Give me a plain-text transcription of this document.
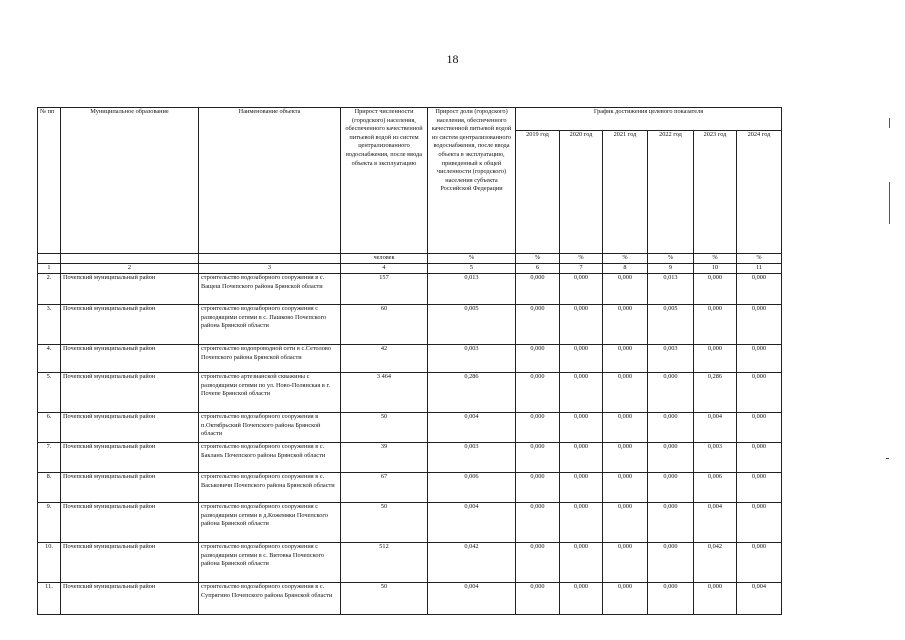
18
№ пп	Муниципальное образование	Наименование объекта	Прирост численности (городского) населения, обеспеченного качественной питьевой водой из систем централизованного водоснабжения, после ввода объекта в эксплуатацию	Прирост доли (городского) населения, обеспеченного качественной питьевой водой из систем централизованного водоснабжения, после ввода объекта в эксплуатацию, приведенный к общей численности (городского) населения субъекта Российской Федерации	График достижения целевого показателя					
					2019 год	2020 год	2021 год	2022 год	2023 год	2024 год
			человек	%	%	%	%	%	%	%
1	2	3	4	5	6	7	8	9	10	11
2.	Почепский муниципальный район	строительство водозаборного сооружения в с. Ващеш Почепского района Брянской области	157	0,013	0,000	0,000	0,000	0,013	0,000	0,000
3.	Почепский муниципальный район	строительство водозаборного сооружения с разводящими сетями в с. Пашково Почепского района Брянской области	60	0,005	0,000	0,000	0,000	0,005	0,000	0,000
4.	Почепский муниципальный район	строительство водопроводной сети в с.Сетолово Почепского района Брянской области	42	0,003	0,000	0,000	0,000	0,003	0,000	0,000
5.	Почепский муниципальный район	строительство артезианской скважины с разводящими сетями по ул. Ново-Полянская в г. Почепе Брянской области	3 464	0,286	0,000	0,000	0,000	0,000	0,286	0,000
6.	Почепский муниципальный район	строительство водозаборного сооружения в п.Октябрьский Почепского района Брянской области	50	0,004	0,000	0,000	0,000	0,000	0,004	0,000
7.	Почепский муниципальный район	строительство водозаборного сооружения в с. Бакланъ Почепского района Брянской области	39	0,003	0,000	0,000	0,000	0,000	0,003	0,000
8.	Почепский муниципальный район	строительство водозаборного сооружения в с. Васьковичи Почепского района Брянской области	67	0,006	0,000	0,000	0,000	0,000	0,006	0,000
9.	Почепский муниципальный район	строительство водозаборного сооружения с разводящими сетями в д.Кожемяки Почепского района Брянской области	50	0,004	0,000	0,000	0,000	0,000	0,004	0,000
10.	Почепский муниципальный район	строительство водозаборного сооружения с разводящими сетями в с. Витовка Почепского района Брянской области	512	0,042	0,000	0,000	0,000	0,000	0,042	0,000
11.	Почепский муниципальный район	строительство водозаборного сооружения в с. Супрягино Почепского района Брянской области	50	0,004	0,000	0,000	0,000	0,000	0,000	0,004
